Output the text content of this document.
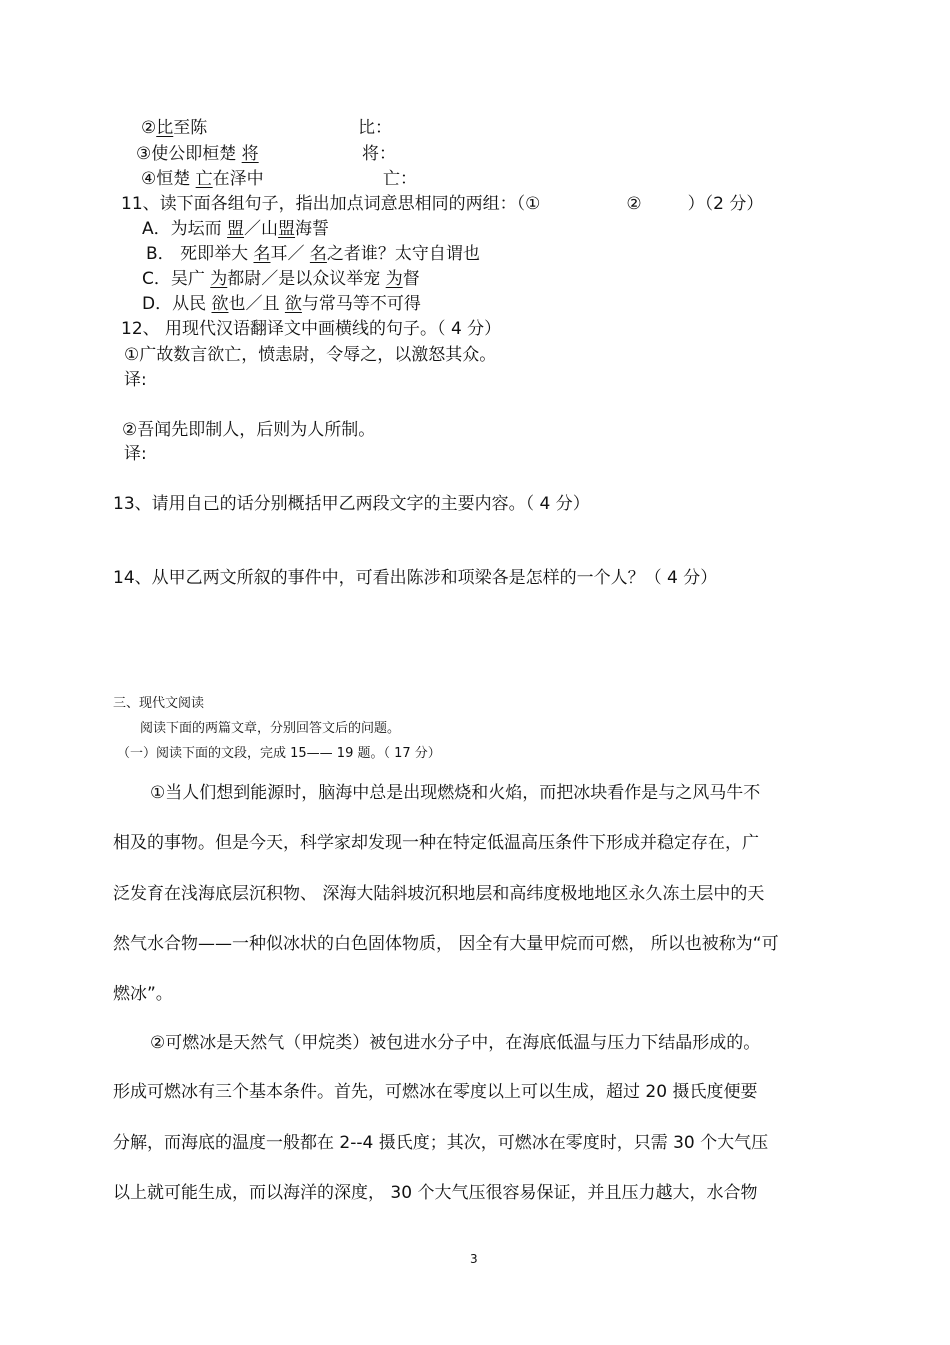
②比至陈	比：
③使公即桓楚 将	将：
④恒楚 亡在泽中	亡：
11、读下面各组句子，指出加点词意思相同的两组：（①	②	）（2 分）
A．为坛而 盟／山盟海誓
B． 死即举大 名耳／ 名之者谁？太守自谓也
C．吴广 为都尉／是以众议举宠 为督
D．从民 欲也／且 欲与常马等不可得
12、 用现代汉语翻译文中画横线的句子。（ 4 分）
①广故数言欲亡，愤恚尉，令辱之，以激怒其众。
译:
②吾闻先即制人，后则为人所制。
译:
13、请用自己的话分别概括甲乙两段文字的主要内容。（ 4 分）
14、从甲乙两文所叙的事件中，可看出陈涉和项梁各是怎样的一个人？（ 4 分）
三、现代文阅读
阅读下面的两篇文章，分别回答文后的问题。
（一）阅读下面的文段，完成 15—— 19 题。（ 17 分）
①当人们想到能源时，脑海中总是出现燃烧和火焰，而把冰块看作是与之风马牛不
相及的事物。但是今天，科学家却发现一种在特定低温高压条件下形成并稳定存在，广
泛发育在浅海底层沉积物、 深海大陆斜坡沉积地层和高纬度极地地区永久冻土层中的天
然气水合物——一种似冰状的白色固体物质， 因全有大量甲烷而可燃， 所以也被称为“可
燃冰”。
②可燃冰是天然气（甲烷类）被包进水分子中，在海底低温与压力下结晶形成的。
形成可燃冰有三个基本条件。首先，可燃冰在零度以上可以生成，超过 20 摄氏度便要
分解，而海底的温度一般都在 2--4 摄氏度；其次，可燃冰在零度时，只需 30 个大气压
以上就可能生成，而以海洋的深度， 30 个大气压很容易保证，并且压力越大，水合物
3
